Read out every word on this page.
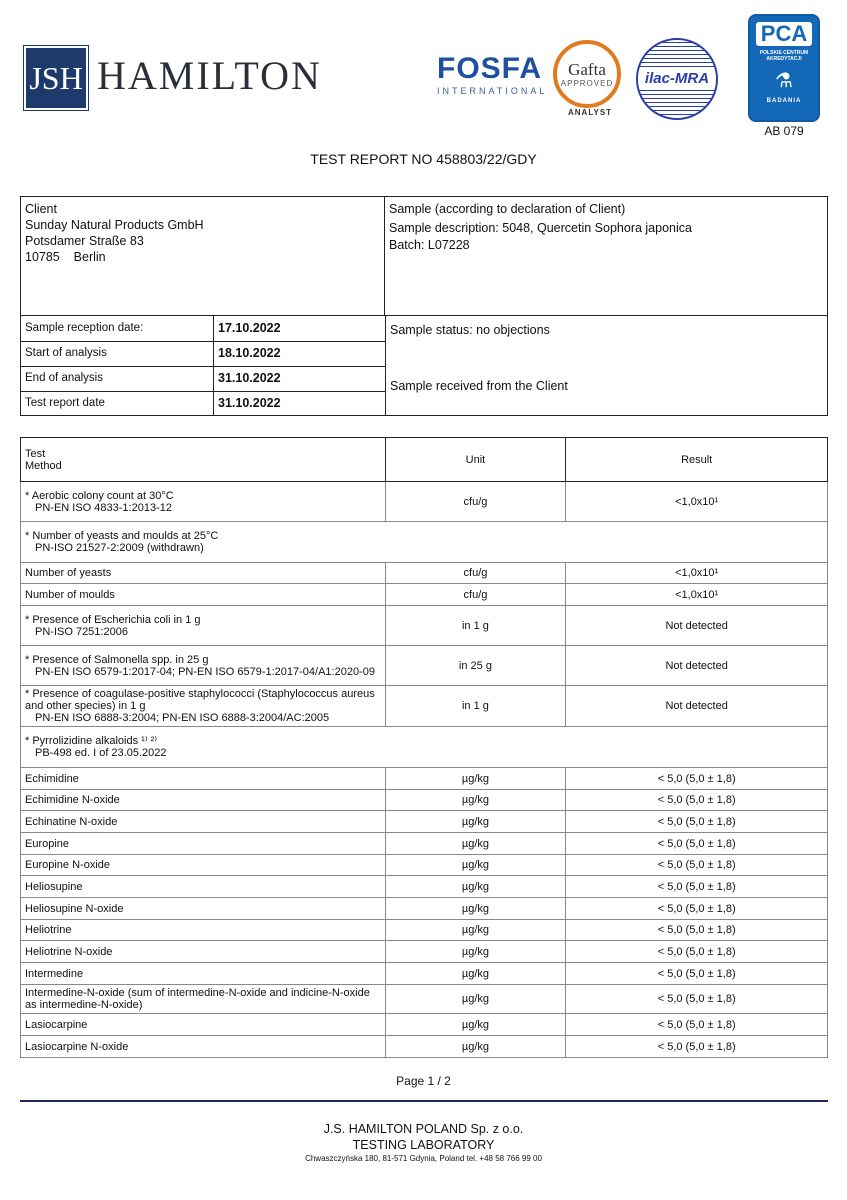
JSH HAMILTON	FOSFA
INTERNATIONAL
Gafta
APPROVED
ANALYST
ilac-MRA
PCA
POLSKIE CENTRUM AKREDYTACJI
⚗
BADANIA
AB 079
TEST REPORT NO 458803/22/GDY
Client
Sunday Natural Products GmbH
Potsdamer Straße 83
10785    Berlin
Sample (according to declaration of Client)
Sample description: 5048, Quercetin Sophora japonica
Batch: L07228
Sample reception date:	17.10.2022
Start of analysis	18.10.2022
End of analysis	31.10.2022
Test report date	31.10.2022
Sample status: no objections
Sample received from the Client
Test
Method	Unit	Result

* Aerobic colony count at 30°C
PN-EN ISO 4833-1:2013-12	cfu/g	<1,0x10¹

* Number of yeasts and moulds at 25°C
PN-ISO 21527-2:2009 (withdrawn)		

Number of yeasts	cfu/g	<1,0x10¹

Number of moulds	cfu/g	<1,0x10¹

* Presence of Escherichia coli in 1 g
PN-ISO 7251:2006	in 1 g	Not detected

* Presence of Salmonella spp. in 25 g
PN-EN ISO 6579-1:2017-04; PN-EN ISO 6579-1:2017-04/A1:2020-09	in 25 g	Not detected

* Presence of coagulase-positive staphylococci (Staphylococcus aureus and other species) in 1 g
PN-EN ISO 6888-3:2004; PN-EN ISO 6888-3:2004/AC:2005	in 1 g	Not detected

* Pyrrolizidine alkaloids ¹⁾ ²⁾
PB-498 ed. I of 23.05.2022		

Echimidine	µg/kg	< 5,0 (5,0 ± 1,8)

Echimidine N-oxide	µg/kg	< 5,0 (5,0 ± 1,8)

Echinatine N-oxide	µg/kg	< 5,0 (5,0 ± 1,8)

Europine	µg/kg	< 5,0 (5,0 ± 1,8)

Europine N-oxide	µg/kg	< 5,0 (5,0 ± 1,8)

Heliosupine	µg/kg	< 5,0 (5,0 ± 1,8)

Heliosupine N-oxide	µg/kg	< 5,0 (5,0 ± 1,8)

Heliotrine	µg/kg	< 5,0 (5,0 ± 1,8)

Heliotrine N-oxide	µg/kg	< 5,0 (5,0 ± 1,8)

Intermedine	µg/kg	< 5,0 (5,0 ± 1,8)

Intermedine-N-oxide (sum of intermedine-N-oxide and indicine-N-oxide as intermedine-N-oxide)	µg/kg	< 5,0 (5,0 ± 1,8)

Lasiocarpine	µg/kg	< 5,0 (5,0 ± 1,8)

Lasiocarpine N-oxide	µg/kg	< 5,0 (5,0 ± 1,8)
Page 1 / 2
J.S. HAMILTON POLAND Sp. z o.o.
TESTING LABORATORY
Chwaszczyńska 180, 81-571 Gdynia, Poland tel. +48 58 766 99 00
